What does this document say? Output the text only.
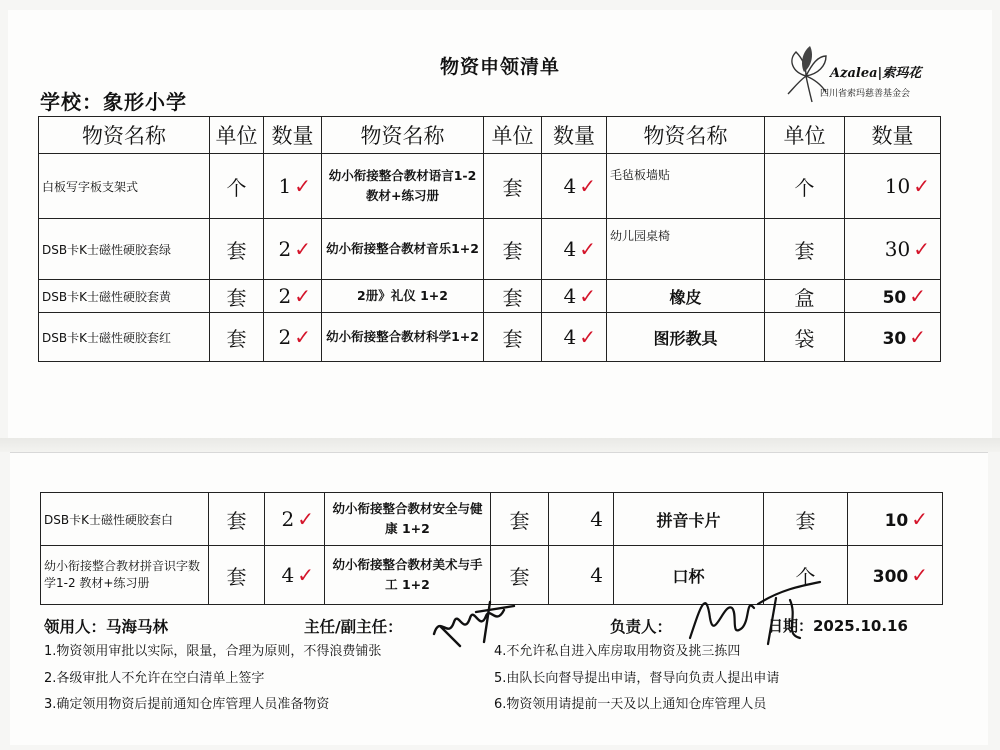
物资申领清单
学校：象形小学
Azalea|索玛花
四川省索玛慈善基金会
物资名称	单位	数量	物资名称	单位	数量	物资名称	单位	数量
白板写字板支架式	个	1 ✓	幼小衔接整合教材语言1-2 教材+练习册	套	4 ✓	毛毡板墙贴	个	10 ✓
DSB卡K士磁性硬胶套绿	套	2 ✓	幼小衔接整合教材音乐1+2	套	4 ✓	幼儿园桌椅	套	30 ✓
DSB卡K士磁性硬胶套黄	套	2 ✓	2册》礼仪 1+2	套	4 ✓	橡皮	盒	50 ✓
DSB卡K士磁性硬胶套红	套	2 ✓	幼小衔接整合教材科学1+2	套	4 ✓	图形教具	袋	30 ✓
DSB卡K士磁性硬胶套白	套	2 ✓	幼小衔接整合教材安全与健康 1+2	套	4	拼音卡片	套	10 ✓
幼小衔接整合教材拼音识字数学1-2 教材+练习册	套	4 ✓	幼小衔接整合教材美术与手工 1+2	套	4	口杯	个	300 ✓
领用人：马海马林	主任/副主任：	负责人：	日期：2025.10.16
1.物资领用审批以实际，限量，合理为原则，不得浪费铺张
2.各级审批人不允许在空白清单上签字
3.确定领用物资后提前通知仓库管理人员准备物资
4.不允许私自进入库房取用物资及挑三拣四
5.由队长向督导提出申请，督导向负责人提出申请
6.物资领用请提前一天及以上通知仓库管理人员
